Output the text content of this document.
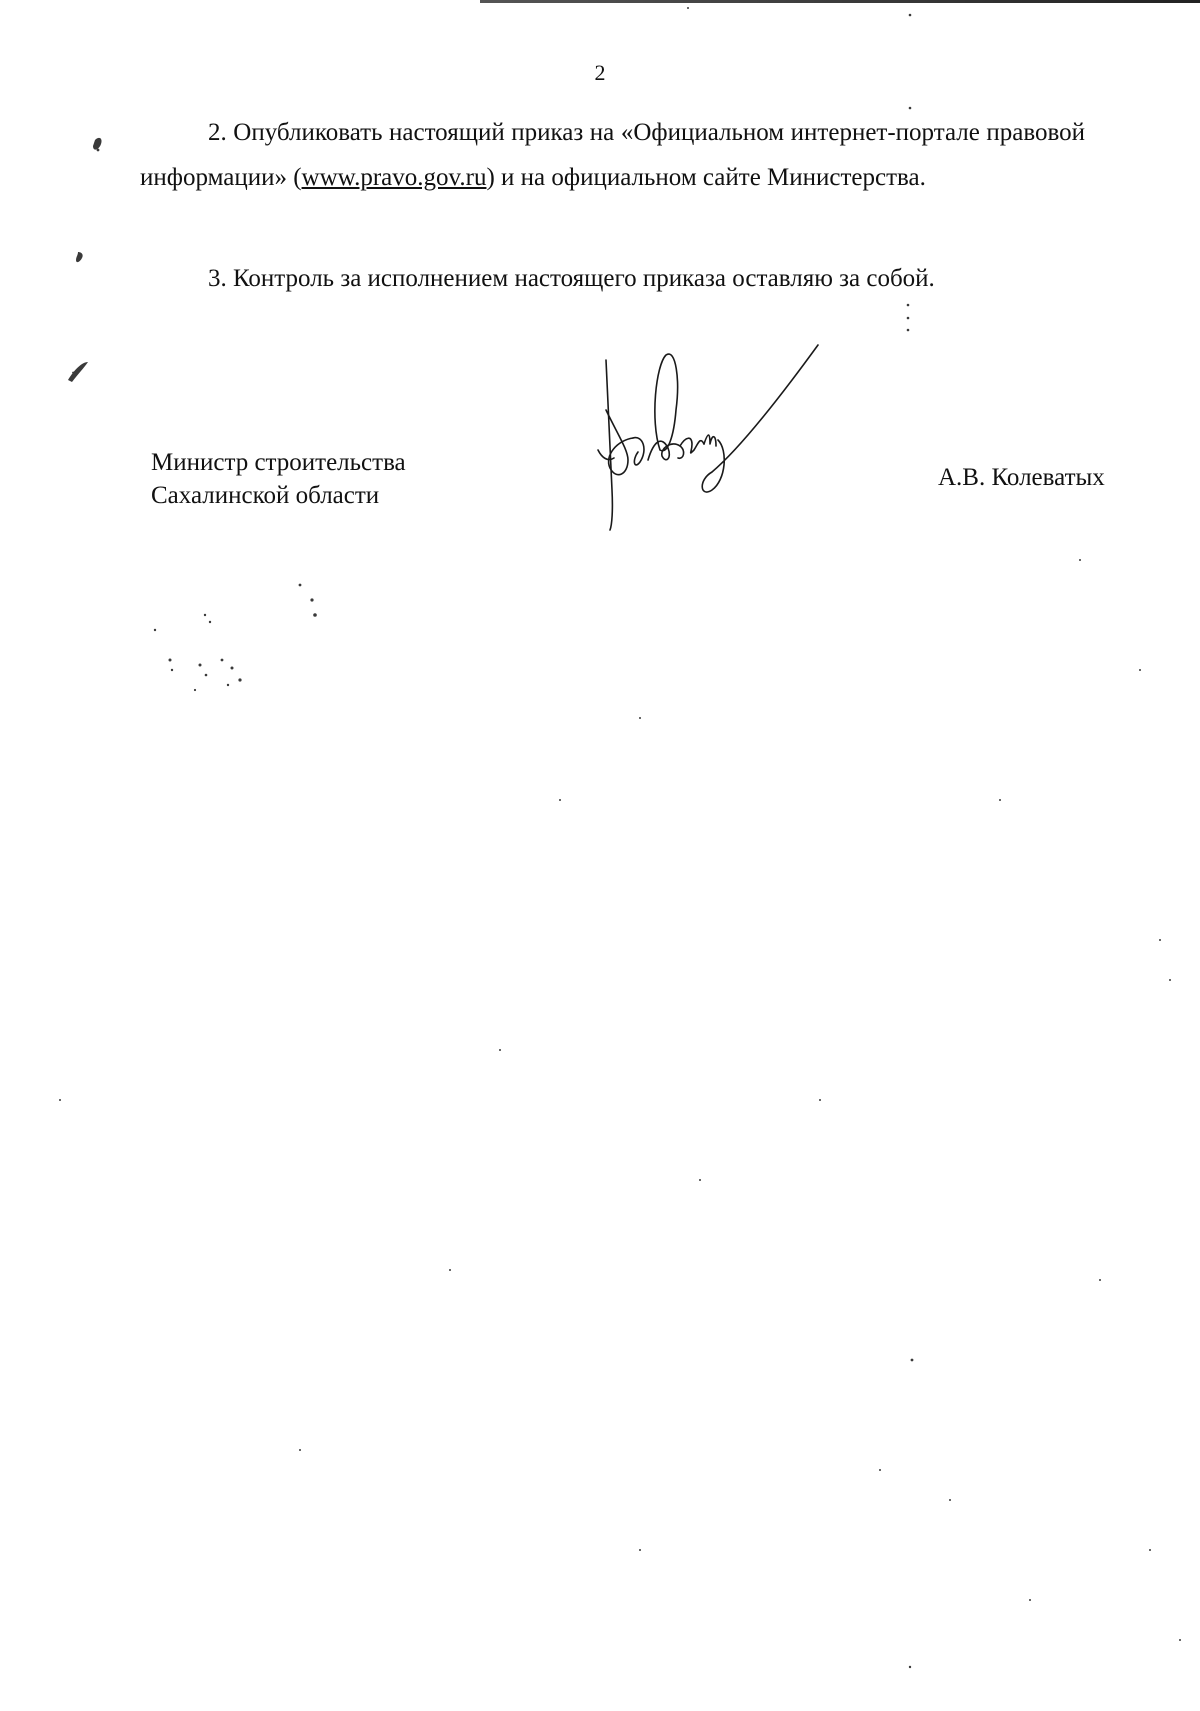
2
2. Опубликовать настоящий приказ на «Официальном интернет-портале правовой информации» (www.pravo.gov.ru) и на официальном сайте Министерства.
3. Контроль за исполнением настоящего приказа оставляю за собой.
Министр строительства
Сахалинской области
А.В. Колеватых
